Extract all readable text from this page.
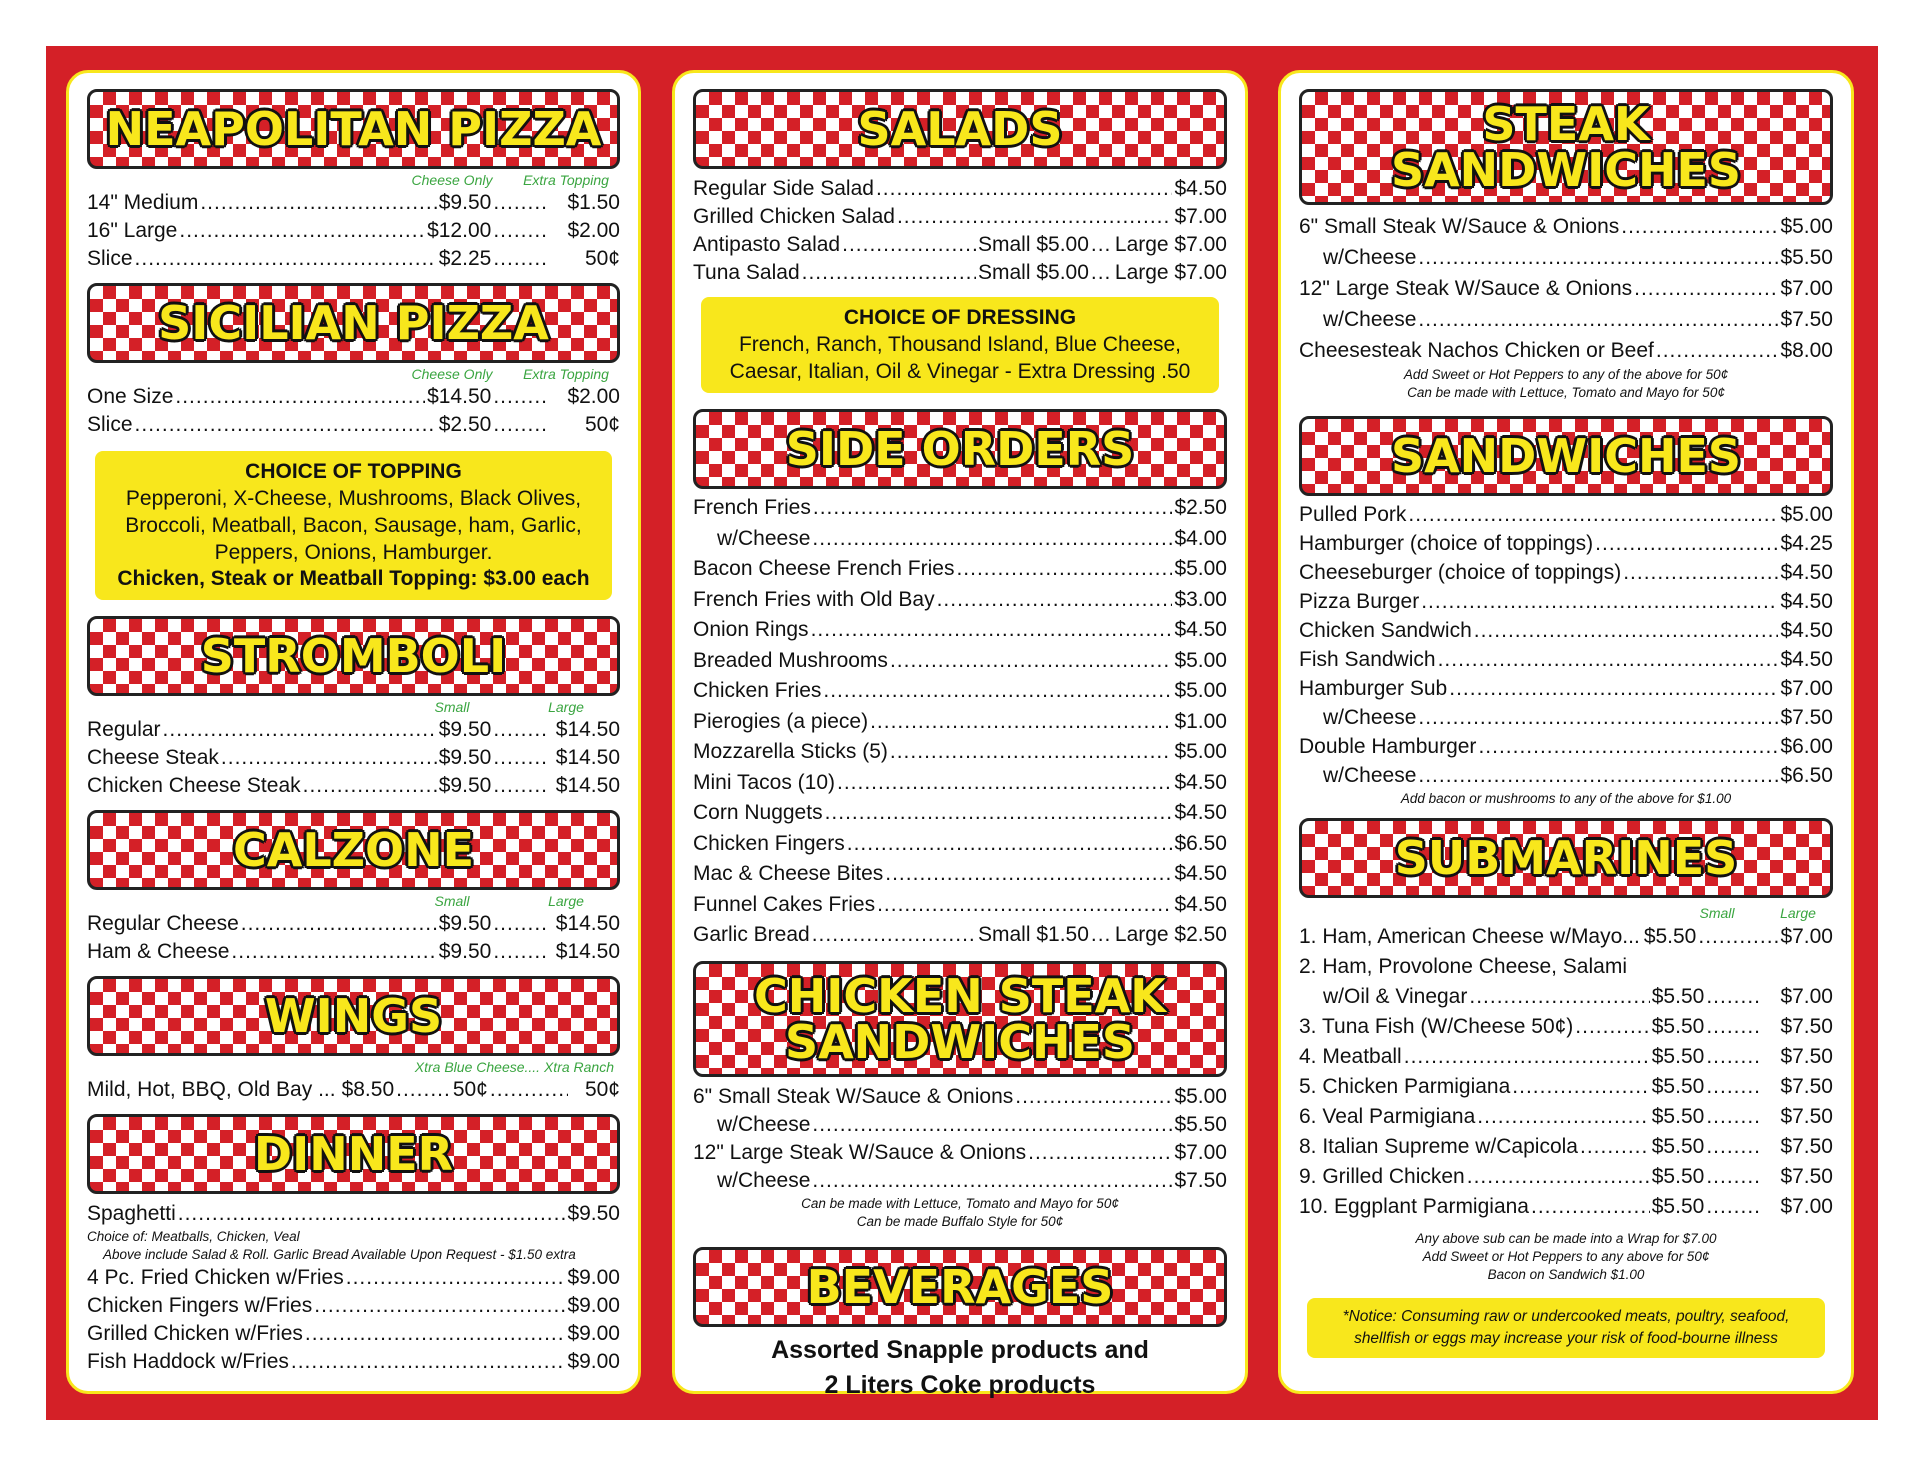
NEAPOLITAN PIZZA
Cheese Only	Extra Topping
14" Medium .....	$9.50 ........	$1.50
16" Large .....	$12.00 ........	$2.00
Slice .....	$2.25 ........	50¢
SICILIAN PIZZA
Cheese Only	Extra Topping
One Size .....	$14.50 ........	$2.00
Slice .....	$2.50 ........	50¢
CHOICE OF TOPPING
Pepperoni, X-Cheese, Mushrooms, Black Olives,
Broccoli, Meatball, Bacon, Sausage, ham, Garlic,
Peppers, Onions, Hamburger.
Chicken, Steak or Meatball Topping: $3.00 each
STROMBOLI
Small	Large
Regular .....	$9.50 ........	$14.50
Cheese Steak .....	$9.50 ........	$14.50
Chicken Cheese Steak .....	$9.50 ........	$14.50
CALZONE
Small	Large
Regular Cheese .....	$9.50 ........	$14.50
Ham & Cheese .....	$9.50 ........	$14.50
WINGS
Xtra Blue Cheese.... Xtra Ranch
Mild, Hot, BBQ, Old Bay ... $8.50 ........	50¢ .....	50¢
DINNER
Spaghetti .....	$9.50
Choice of: Meatballs, Chicken, Veal
Above include Salad & Roll. Garlic Bread Available Upon Request - $1.50 extra
4 Pc. Fried Chicken w/Fries .....	$9.00
Chicken Fingers w/Fries .....	$9.00
Grilled Chicken w/Fries .....	$9.00
Fish Haddock w/Fries .....	$9.00
SALADS
Regular Side Salad .....	$4.50
Grilled Chicken Salad .....	$7.00
Antipasto Salad .....	Small $5.00 ........ Large $7.00
Tuna Salad .....	Small $5.00 ........ Large $7.00
CHOICE OF DRESSING
French, Ranch, Thousand Island, Blue Cheese,
Caesar, Italian, Oil & Vinegar - Extra Dressing .50
SIDE ORDERS
French Fries .....	$2.50
w/Cheese .....	$4.00
Bacon Cheese French Fries .....	$5.00
French Fries with Old Bay .....	$3.00
Onion Rings .....	$4.50
Breaded Mushrooms .....	$5.00
Chicken Fries .....	$5.00
Pierogies (a piece) .....	$1.00
Mozzarella Sticks (5) .....	$5.00
Mini Tacos (10) .....	$4.50
Corn Nuggets .....	$4.50
Chicken Fingers .....	$6.50
Mac & Cheese Bites .....	$4.50
Funnel Cakes Fries .....	$4.50
Garlic Bread .....	Small $1.50 ........ Large $2.50
CHICKEN STEAK
SANDWICHES
6" Small Steak W/Sauce & Onions .....	$5.00
w/Cheese .....	$5.50
12" Large Steak W/Sauce & Onions .....	$7.00
w/Cheese .....	$7.50
Can be made with Lettuce, Tomato and Mayo for 50¢
Can be made Buffalo Style for 50¢
BEVERAGES
Assorted Snapple products and
2 Liters Coke products
STEAK
SANDWICHES
6" Small Steak W/Sauce & Onions .....	$5.00
w/Cheese .....	$5.50
12" Large Steak W/Sauce & Onions .....	$7.00
w/Cheese .....	$7.50
Cheesesteak Nachos Chicken or Beef .....	$8.00
Add Sweet or Hot Peppers to any of the above for 50¢
Can be made with Lettuce, Tomato and Mayo for 50¢
SANDWICHES
Pulled Pork .....	$5.00
Hamburger (choice of toppings) .....	$4.25
Cheeseburger (choice of toppings) .....	$4.50
Pizza Burger .....	$4.50
Chicken Sandwich .....	$4.50
Fish Sandwich .....	$4.50
Hamburger Sub .....	$7.00
w/Cheese .....	$7.50
Double Hamburger .....	$6.00
w/Cheese .....	$6.50
Add bacon or mushrooms to any of the above for $1.00
SUBMARINES
Small	Large
1. Ham, American Cheese w/Mayo... $5.50 .....	$7.00
2. Ham, Provolone Cheese, Salami
w/Oil & Vinegar .....	$5.50 ........	$7.00
3. Tuna Fish (W/Cheese 50¢) .....	$5.50 ........	$7.50
4. Meatball .....	$5.50 ........	$7.50
5. Chicken Parmigiana .....	$5.50 ........	$7.50
6. Veal Parmigiana .....	$5.50 ........	$7.50
8. Italian Supreme w/Capicola .....	$5.50 ........	$7.50
9. Grilled Chicken .....	$5.50 ........	$7.50
10. Eggplant Parmigiana .....	$5.50 ........	$7.00
Any above sub can be made into a Wrap for $7.00
Add Sweet or Hot Peppers to any above for 50¢
Bacon on Sandwich $1.00
*Notice: Consuming raw or undercooked meats, poultry, seafood,
shellfish or eggs may increase your risk of food-bourne illness
